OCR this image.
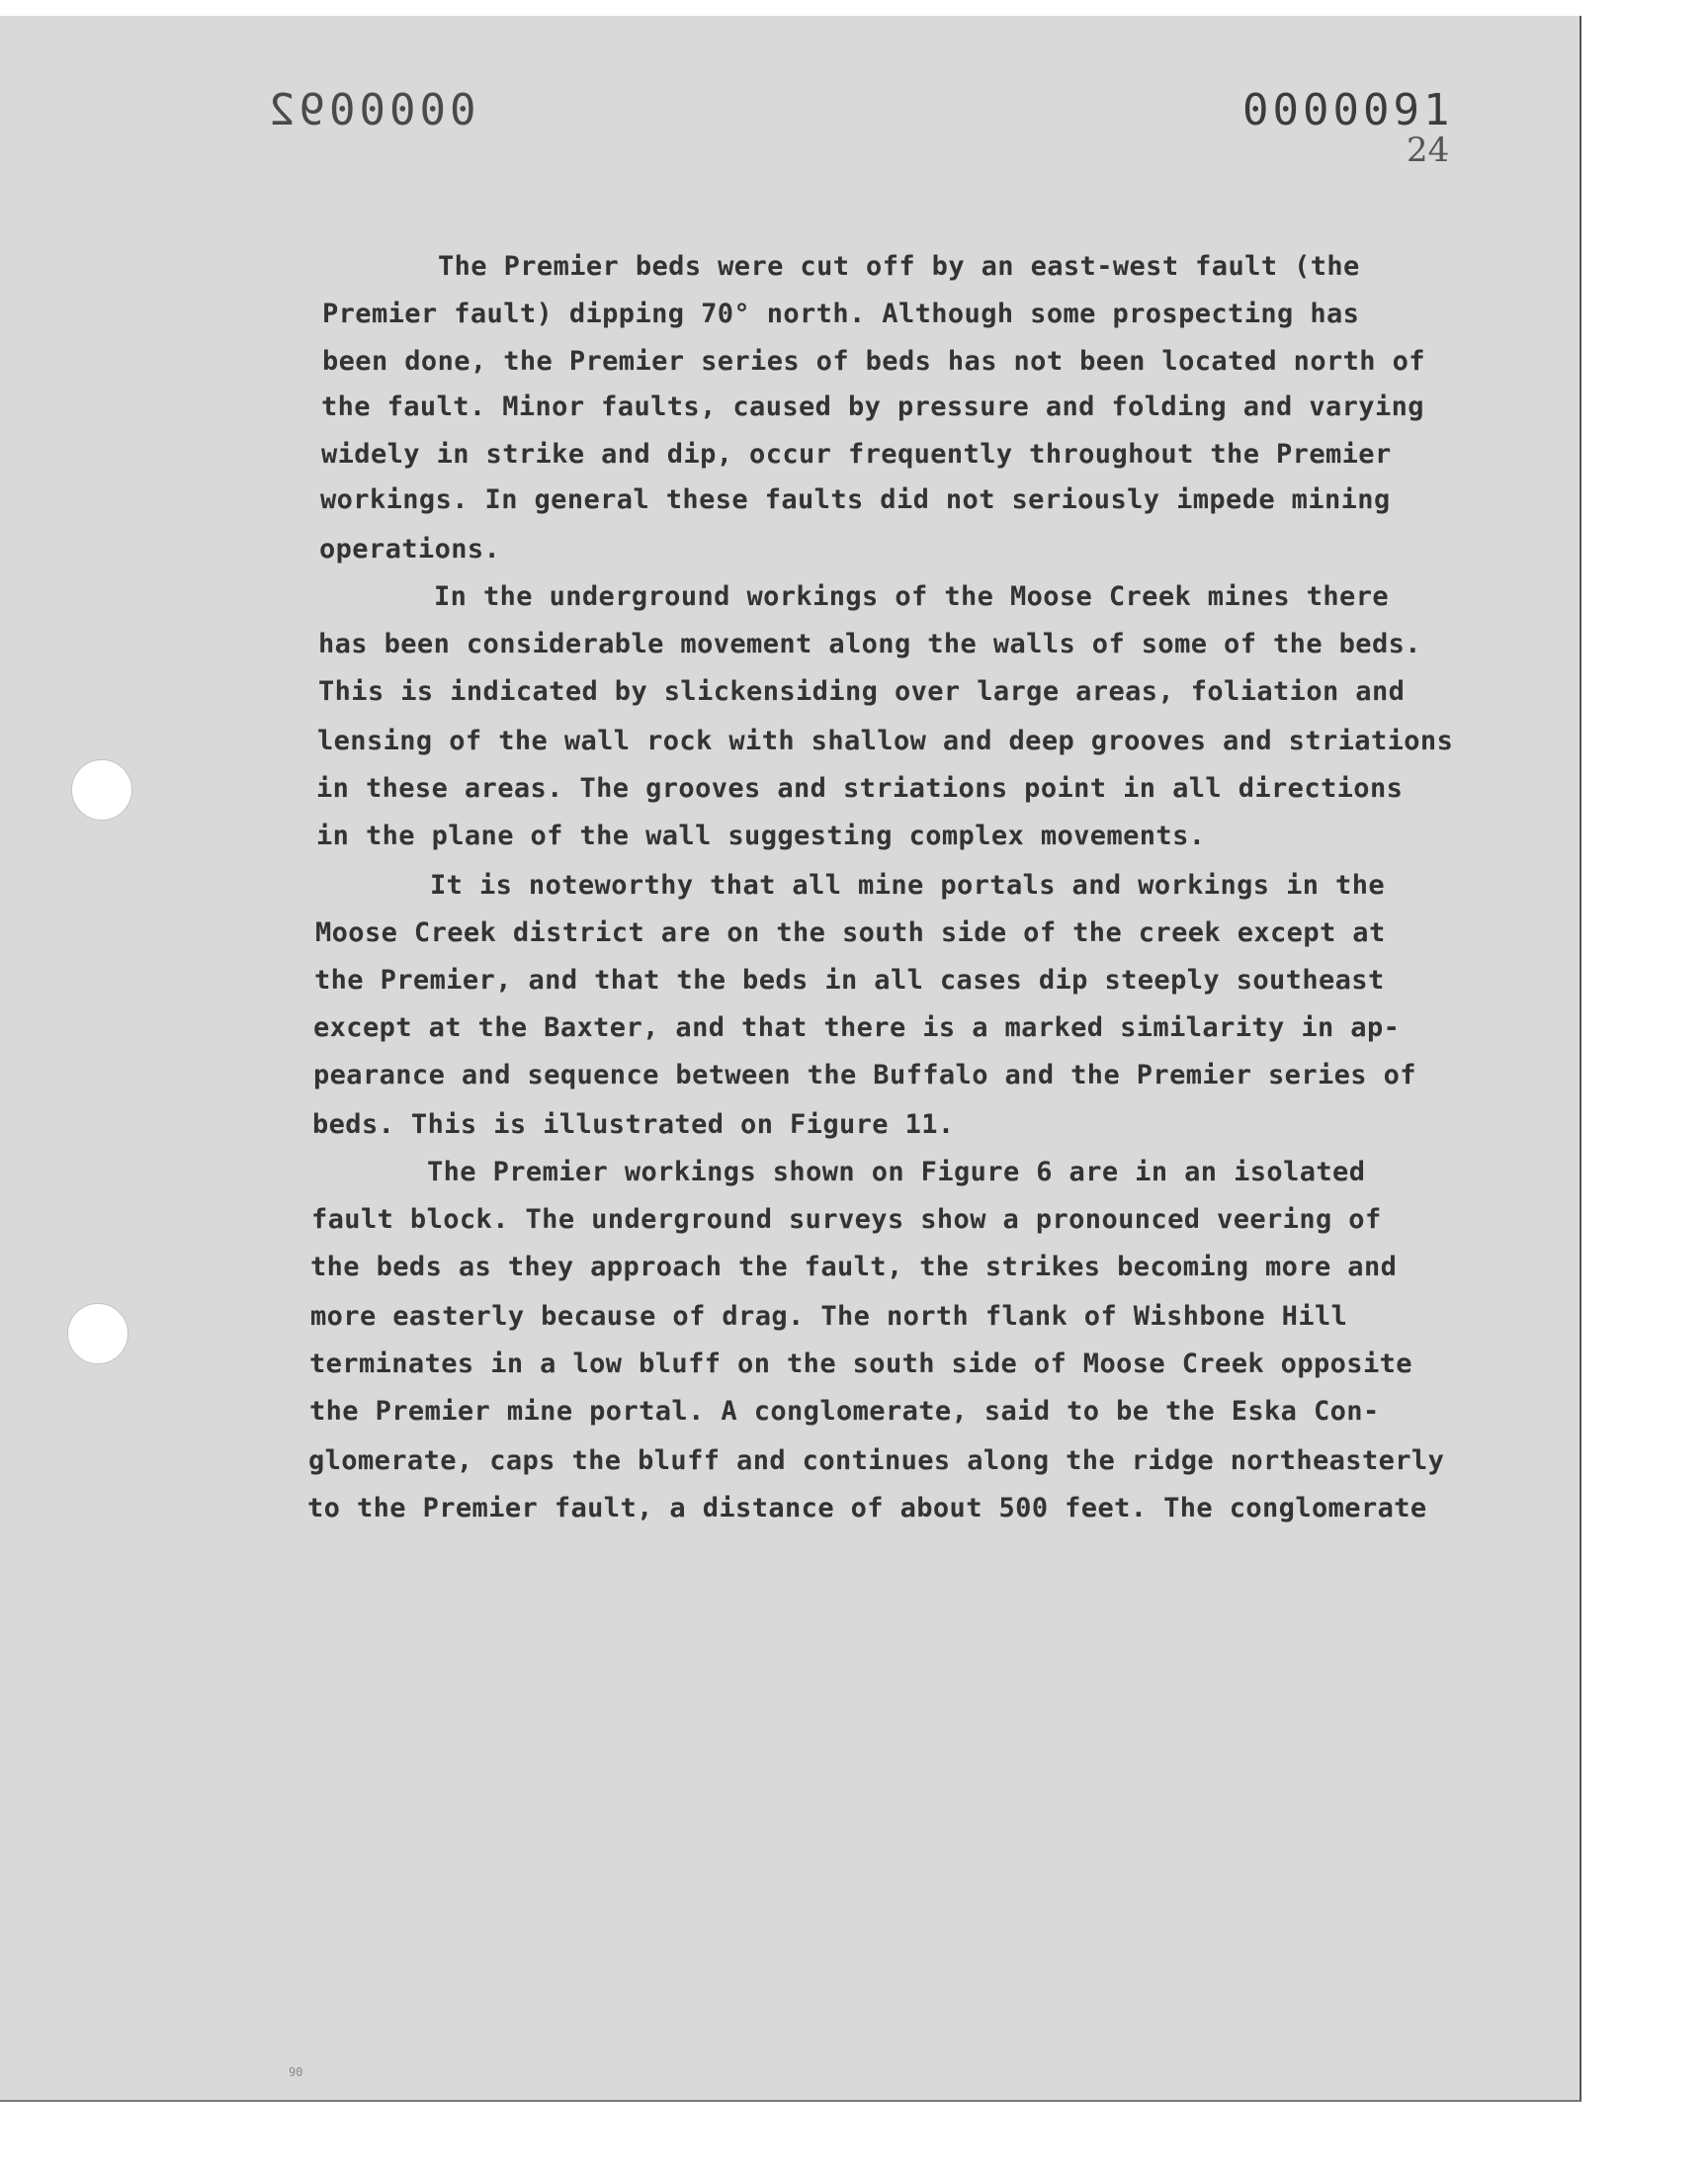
0000092	0000091
24

The Premier beds were cut off by an east-west fault (the

Premier fault) dipping 70° north. Although some prospecting has

been done, the Premier series of beds has not been located north of

the fault. Minor faults, caused by pressure and folding and varying

widely in strike and dip, occur frequently throughout the Premier

workings. In general these faults did not seriously impede mining

operations.

In the underground workings of the Moose Creek mines there

has been considerable movement along the walls of some of the beds.

This is indicated by slickensiding over large areas, foliation and

lensing of the wall rock with shallow and deep grooves and striations

in these areas. The grooves and striations point in all directions

in the plane of the wall suggesting complex movements.

It is noteworthy that all mine portals and workings in the

Moose Creek district are on the south side of the creek except at

the Premier, and that the beds in all cases dip steeply southeast

except at the Baxter, and that there is a marked similarity in ap-

pearance and sequence between the Buffalo and the Premier series of

beds. This is illustrated on Figure 11.

The Premier workings shown on Figure 6 are in an isolated

fault block. The underground surveys show a pronounced veering of

the beds as they approach the fault, the strikes becoming more and

more easterly because of drag. The north flank of Wishbone Hill

terminates in a low bluff on the south side of Moose Creek opposite

the Premier mine portal. A conglomerate, said to be the Eska Con-

glomerate, caps the bluff and continues along the ridge northeasterly

to the Premier fault, a distance of about 500 feet. The conglomerate

90
